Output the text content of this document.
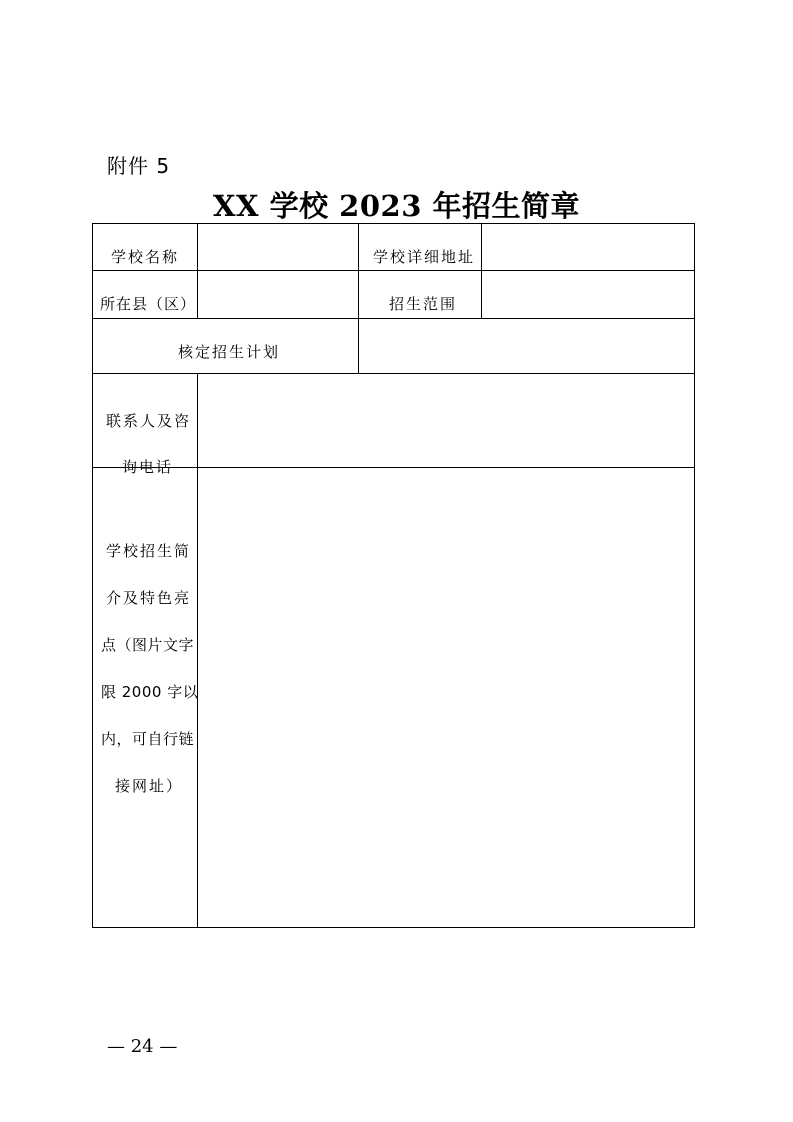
附件 5
XX 学校 2023 年招生简章
学校名称	学校详细地址
所在县（区）	招生范围
核定招生计划
联系人及咨
询电话
学校招生简
介及特色亮
点（图片文字
限 2000 字以
内，可自行链
接网址）
— 24 —
